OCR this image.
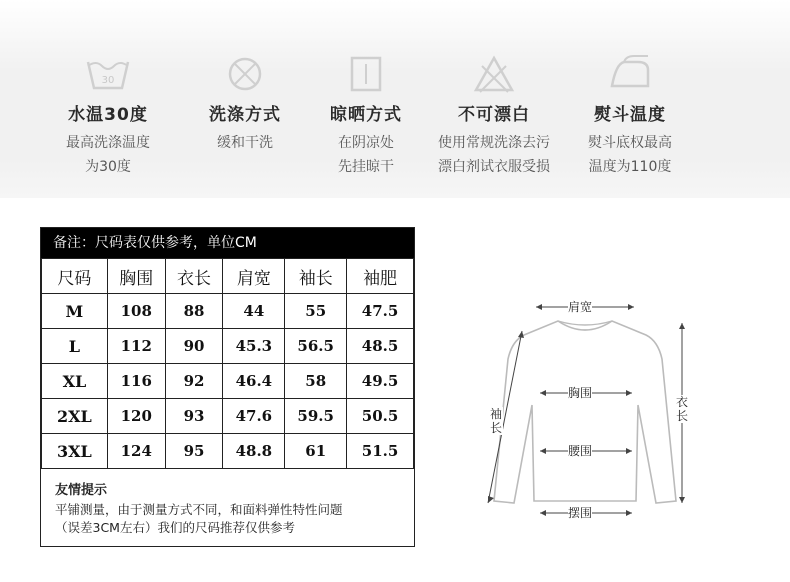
30
水温30度
最高洗涤温度
为30度
洗涤方式
缓和干洗
晾晒方式
在阴凉处
先挂晾干
不可漂白
使用常规洗涤去污
漂白剂试衣服受损
熨斗温度
熨斗底权最高
温度为110度
备注：尺码表仅供参考，单位CM
尺码	胸围	衣长	肩宽	袖长	袖肥
M	108	88	44	55	47.5
L	112	90	45.3	56.5	48.5
XL	116	92	46.4	58	49.5
2XL	120	93	47.6	59.5	50.5
3XL	124	95	48.8	61	51.5
友情提示
平铺测量，由于测量方式不同，和面料弹性特性问题
（误差3CM左右）我们的尺码推荐仅供参考
肩宽
胸围
腰围
摆围
袖
长
衣
长
